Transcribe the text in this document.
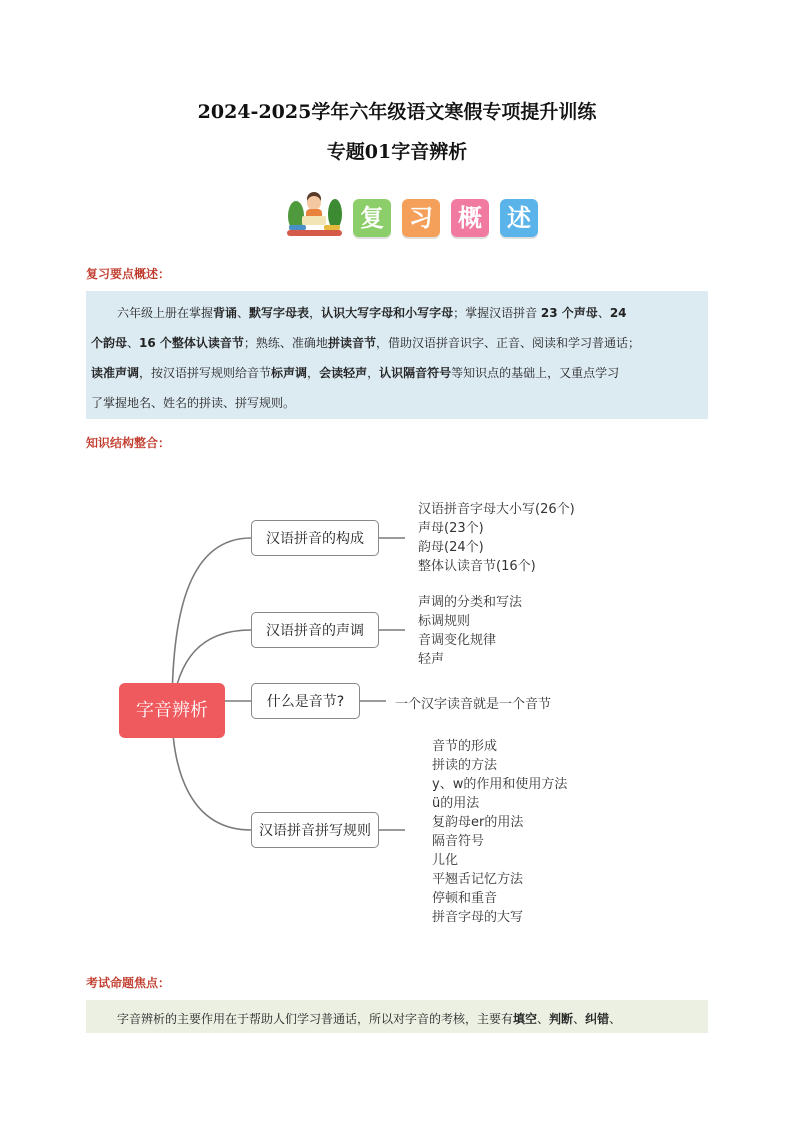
2024-2025学年六年级语文寒假专项提升训练
专题01字音辨析
复 习 概 述
复习要点概述：
六年级上册在掌握背诵、默写字母表，认识大写字母和小写字母；掌握汉语拼音 23 个声母、24
个韵母、16 个整体认读音节；熟练、准确地拼读音节，借助汉语拼音识字、正音、阅读和学习普通话；
读准声调，按汉语拼写规则给音节标声调，会读轻声，认识隔音符号等知识点的基础上，又重点学习
了掌握地名、姓名的拼读、拼写规则。
知识结构整合：
字音辨析
汉语拼音的构成
汉语拼音的声调
什么是音节?
汉语拼音拼写规则
汉语拼音字母大小写(26个)
声母(23个)
韵母(24个)
整体认读音节(16个)
声调的分类和写法
标调规则
音调变化规律
轻声
一个汉字读音就是一个音节
音节的形成
拼读的方法
y、w的作用和使用方法
ü的用法
复韵母er的用法
隔音符号
儿化
平翘舌记忆方法
停顿和重音
拼音字母的大写
考试命题焦点：
字音辨析的主要作用在于帮助人们学习普通话，所以对字音的考核，主要有填空、判断、纠错、
